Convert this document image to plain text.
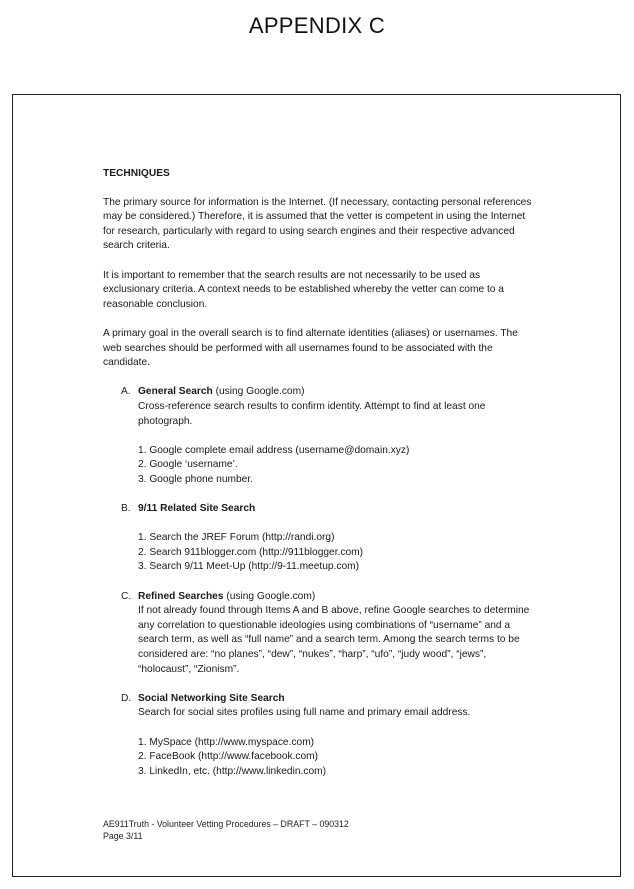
APPENDIX C
TECHNIQUES

The primary source for information is the Internet. (If necessary, contacting personal references may be considered.) Therefore, it is assumed that the vetter is competent in using the Internet for research, particularly with regard to using search engines and their respective advanced search criteria.

It is important to remember that the search results are not necessarily to be used as exclusionary criteria. A context needs to be established whereby the vetter can come to a reasonable conclusion.

A primary goal in the overall search is to find alternate identities (aliases) or usernames. The web searches should be performed with all usernames found to be associated with the candidate.

A. General Search (using Google.com)
Cross-reference search results to confirm identity. Attempt to find at least one photograph.
1. Google complete email address (username@domain.xyz)
2. Google ‘username’.
3. Google phone number.
B. 9/11 Related Site Search
1. Search the JREF Forum (http://randi.org)
2. Search 911blogger.com (http://911blogger.com)
3. Search 9/11 Meet-Up (http://9-11.meetup.com)
C. Refined Searches (using Google.com)
If not already found through Items A and B above, refine Google searches to determine any correlation to questionable ideologies using combinations of “username” and a search term, as well as “full name” and a search term. Among the search terms to be considered are: “no planes”, “dew”, “nukes”, “harp”, “ufo”, “judy wood”, “jews”, “holocaust”, “Zionism”.
D. Social Networking Site Search
Search for social sites profiles using full name and primary email address.
1. MySpace (http://www.myspace.com)
2. FaceBook (http://www.facebook.com)
3. LinkedIn, etc. (http://www.linkedin.com)
AE911Truth - Volunteer Vetting Procedures – DRAFT – 090312
Page 3/11
